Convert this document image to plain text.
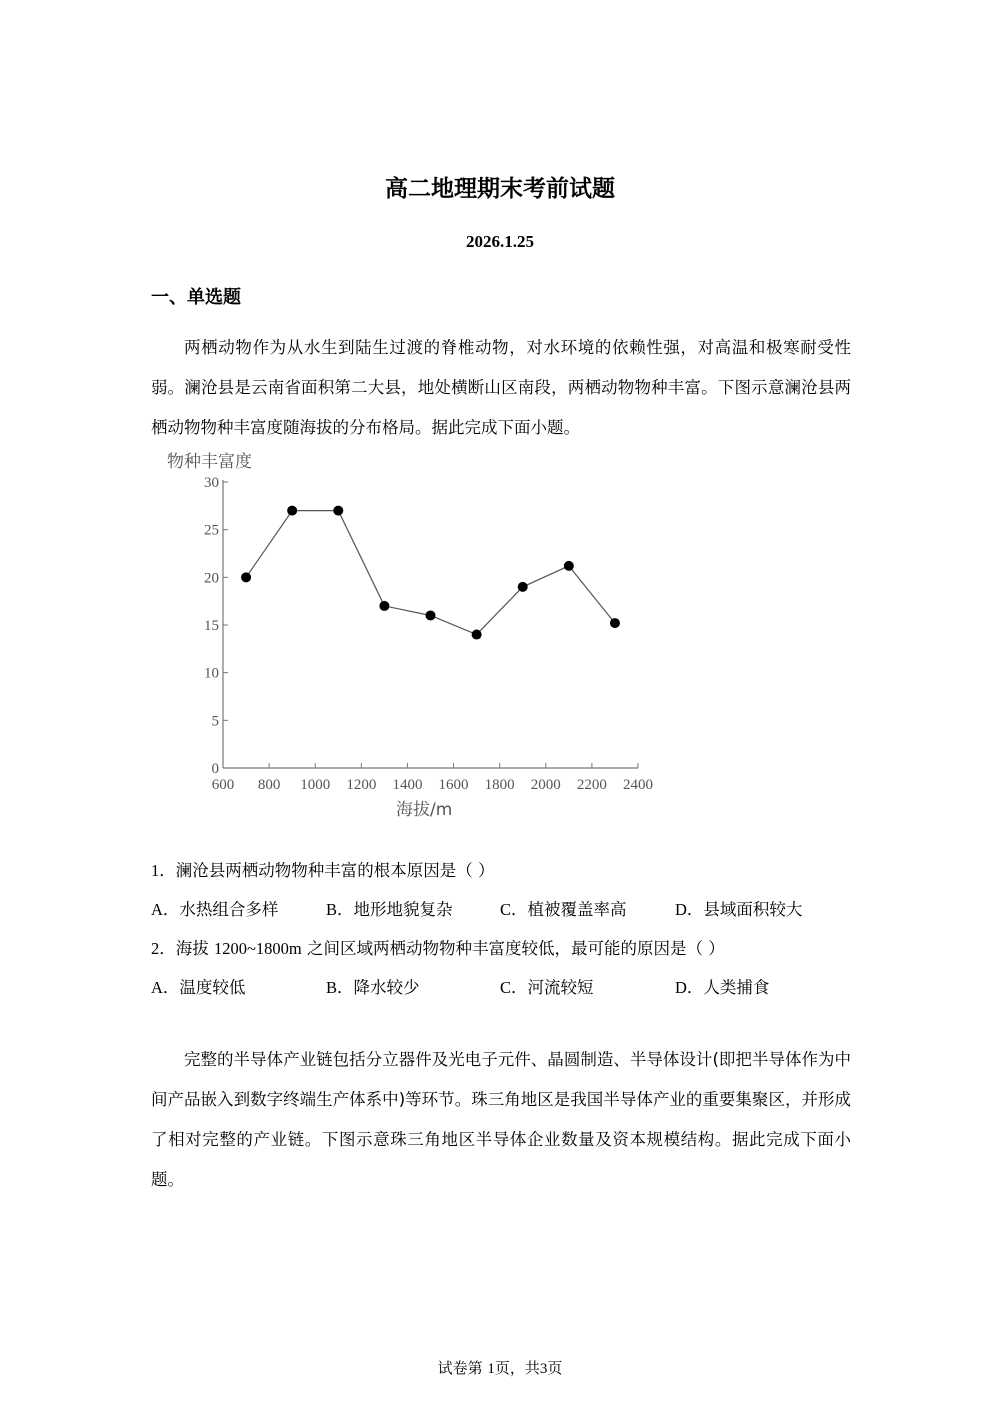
高二地理期末考前试题
2026.1.25
一、单选题
两栖动物作为从水生到陆生过渡的脊椎动物，对水环境的依赖性强，对高温和极寒耐受性弱。澜沧县是云南省面积第二大县，地处横断山区南段，两栖动物物种丰富。下图示意澜沧县两栖动物物种丰富度随海拔的分布格局。据此完成下面小题。
0
5
10
15
20
25
30
600 800 1000 1200 1400 1600 1800 2000 2200 2400
物种丰富度
海拔/m
1．澜沧县两栖动物物种丰富的根本原因是（ ）
A．水热组合多样	B．地形地貌复杂	C．植被覆盖率高	D．县域面积较大
2．海拔 1200~1800m 之间区域两栖动物物种丰富度较低，最可能的原因是（ ）
A．温度较低	B．降水较少	C．河流较短	D．人类捕食
完整的半导体产业链包括分立器件及光电子元件、晶圆制造、半导体设计(即把半导体作为中间产品嵌入到数字终端生产体系中)等环节。珠三角地区是我国半导体产业的重要集聚区，并形成了相对完整的产业链。下图示意珠三角地区半导体企业数量及资本规模结构。据此完成下面小题。
试卷第 1页，共3页
